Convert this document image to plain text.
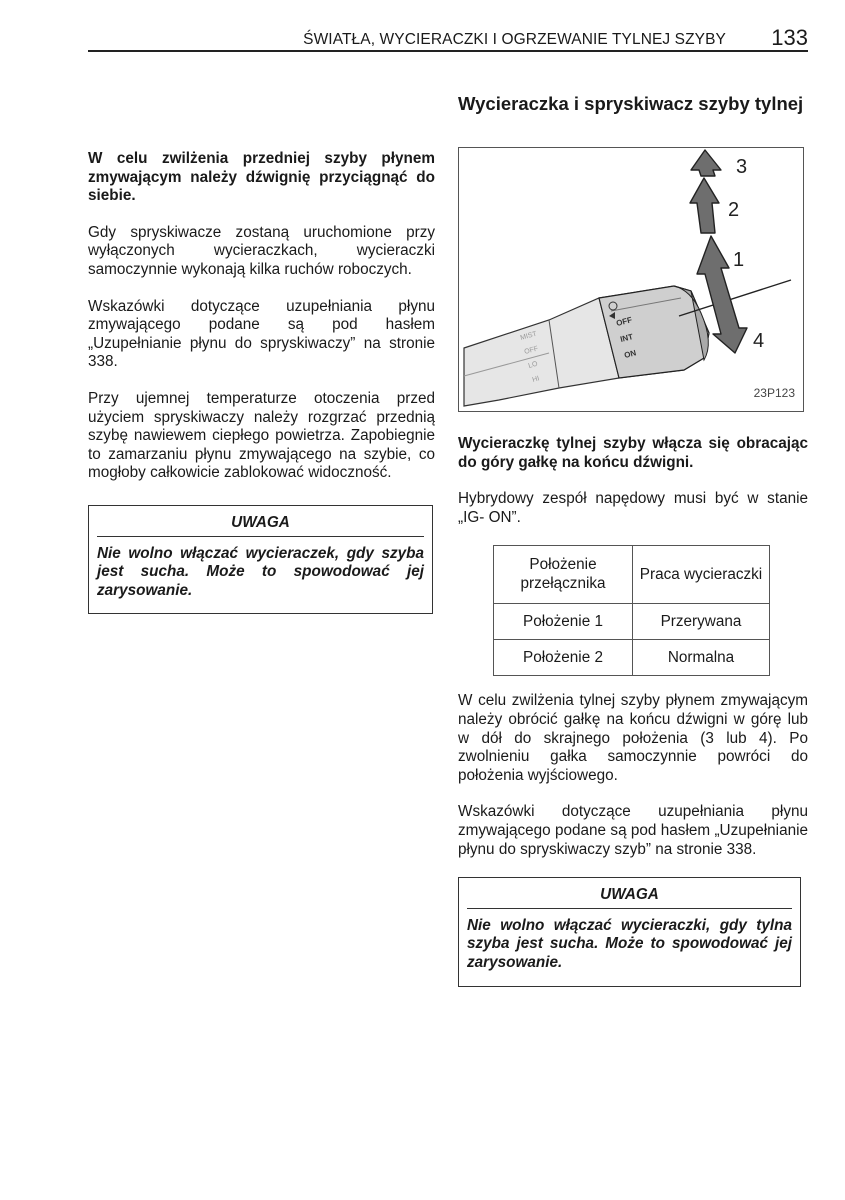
ŚWIATŁA, WYCIERACZKI I OGRZEWANIE TYLNEJ SZYBY 133

W celu zwilżenia przedniej szyby płynem zmywającym należy dźwignię przyciągnąć do siebie.

Gdy spryskiwacze zostaną uruchomione przy wyłączonych wycieraczkach, wycieraczki samoczynnie wykonają kilka ruchów roboczych.

Wskazówki dotyczące uzupełniania płynu zmywającego podane są pod hasłem „Uzupełnianie płynu do spryskiwaczy” na stronie 338.

Przy ujemnej temperaturze otoczenia przed użyciem spryskiwaczy należy rozgrzać przednią szybę nawiewem ciepłego powietrza. Zapobiegnie to zamarzaniu płynu zmywającego na szybie, co mogłoby całkowicie zablokować widoczność.

UWAGA
Nie wolno włączać wycieraczek, gdy szyba jest sucha. Może to spowodować jej zarysowanie.
Wycieraczka i spryskiwacz szyby tylnej
3
2
1
4
OFF
INT
ON
MIST
OFF
LO
HI
23P123

Wycieraczkę tylnej szyby włącza się obracając do góry gałkę na końcu dźwigni.

Hybrydowy zespół napędowy musi być w stanie „IG- ON”.

Położenie przełącznika	Praca wycieraczki
Położenie 1	Przerywana
Położenie 2	Normalna

W celu zwilżenia tylnej szyby płynem zmywającym należy obrócić gałkę na końcu dźwigni w górę lub w dół do skrajnego położenia (3 lub 4). Po zwolnieniu gałka samoczynnie powróci do położenia wyjściowego.

Wskazówki dotyczące uzupełniania płynu zmywającego podane są pod hasłem „Uzupełnianie płynu do spryskiwaczy szyb” na stronie 338.

UWAGA
Nie wolno włączać wycieraczki, gdy tylna szyba jest sucha. Może to spowodować jej zarysowanie.
